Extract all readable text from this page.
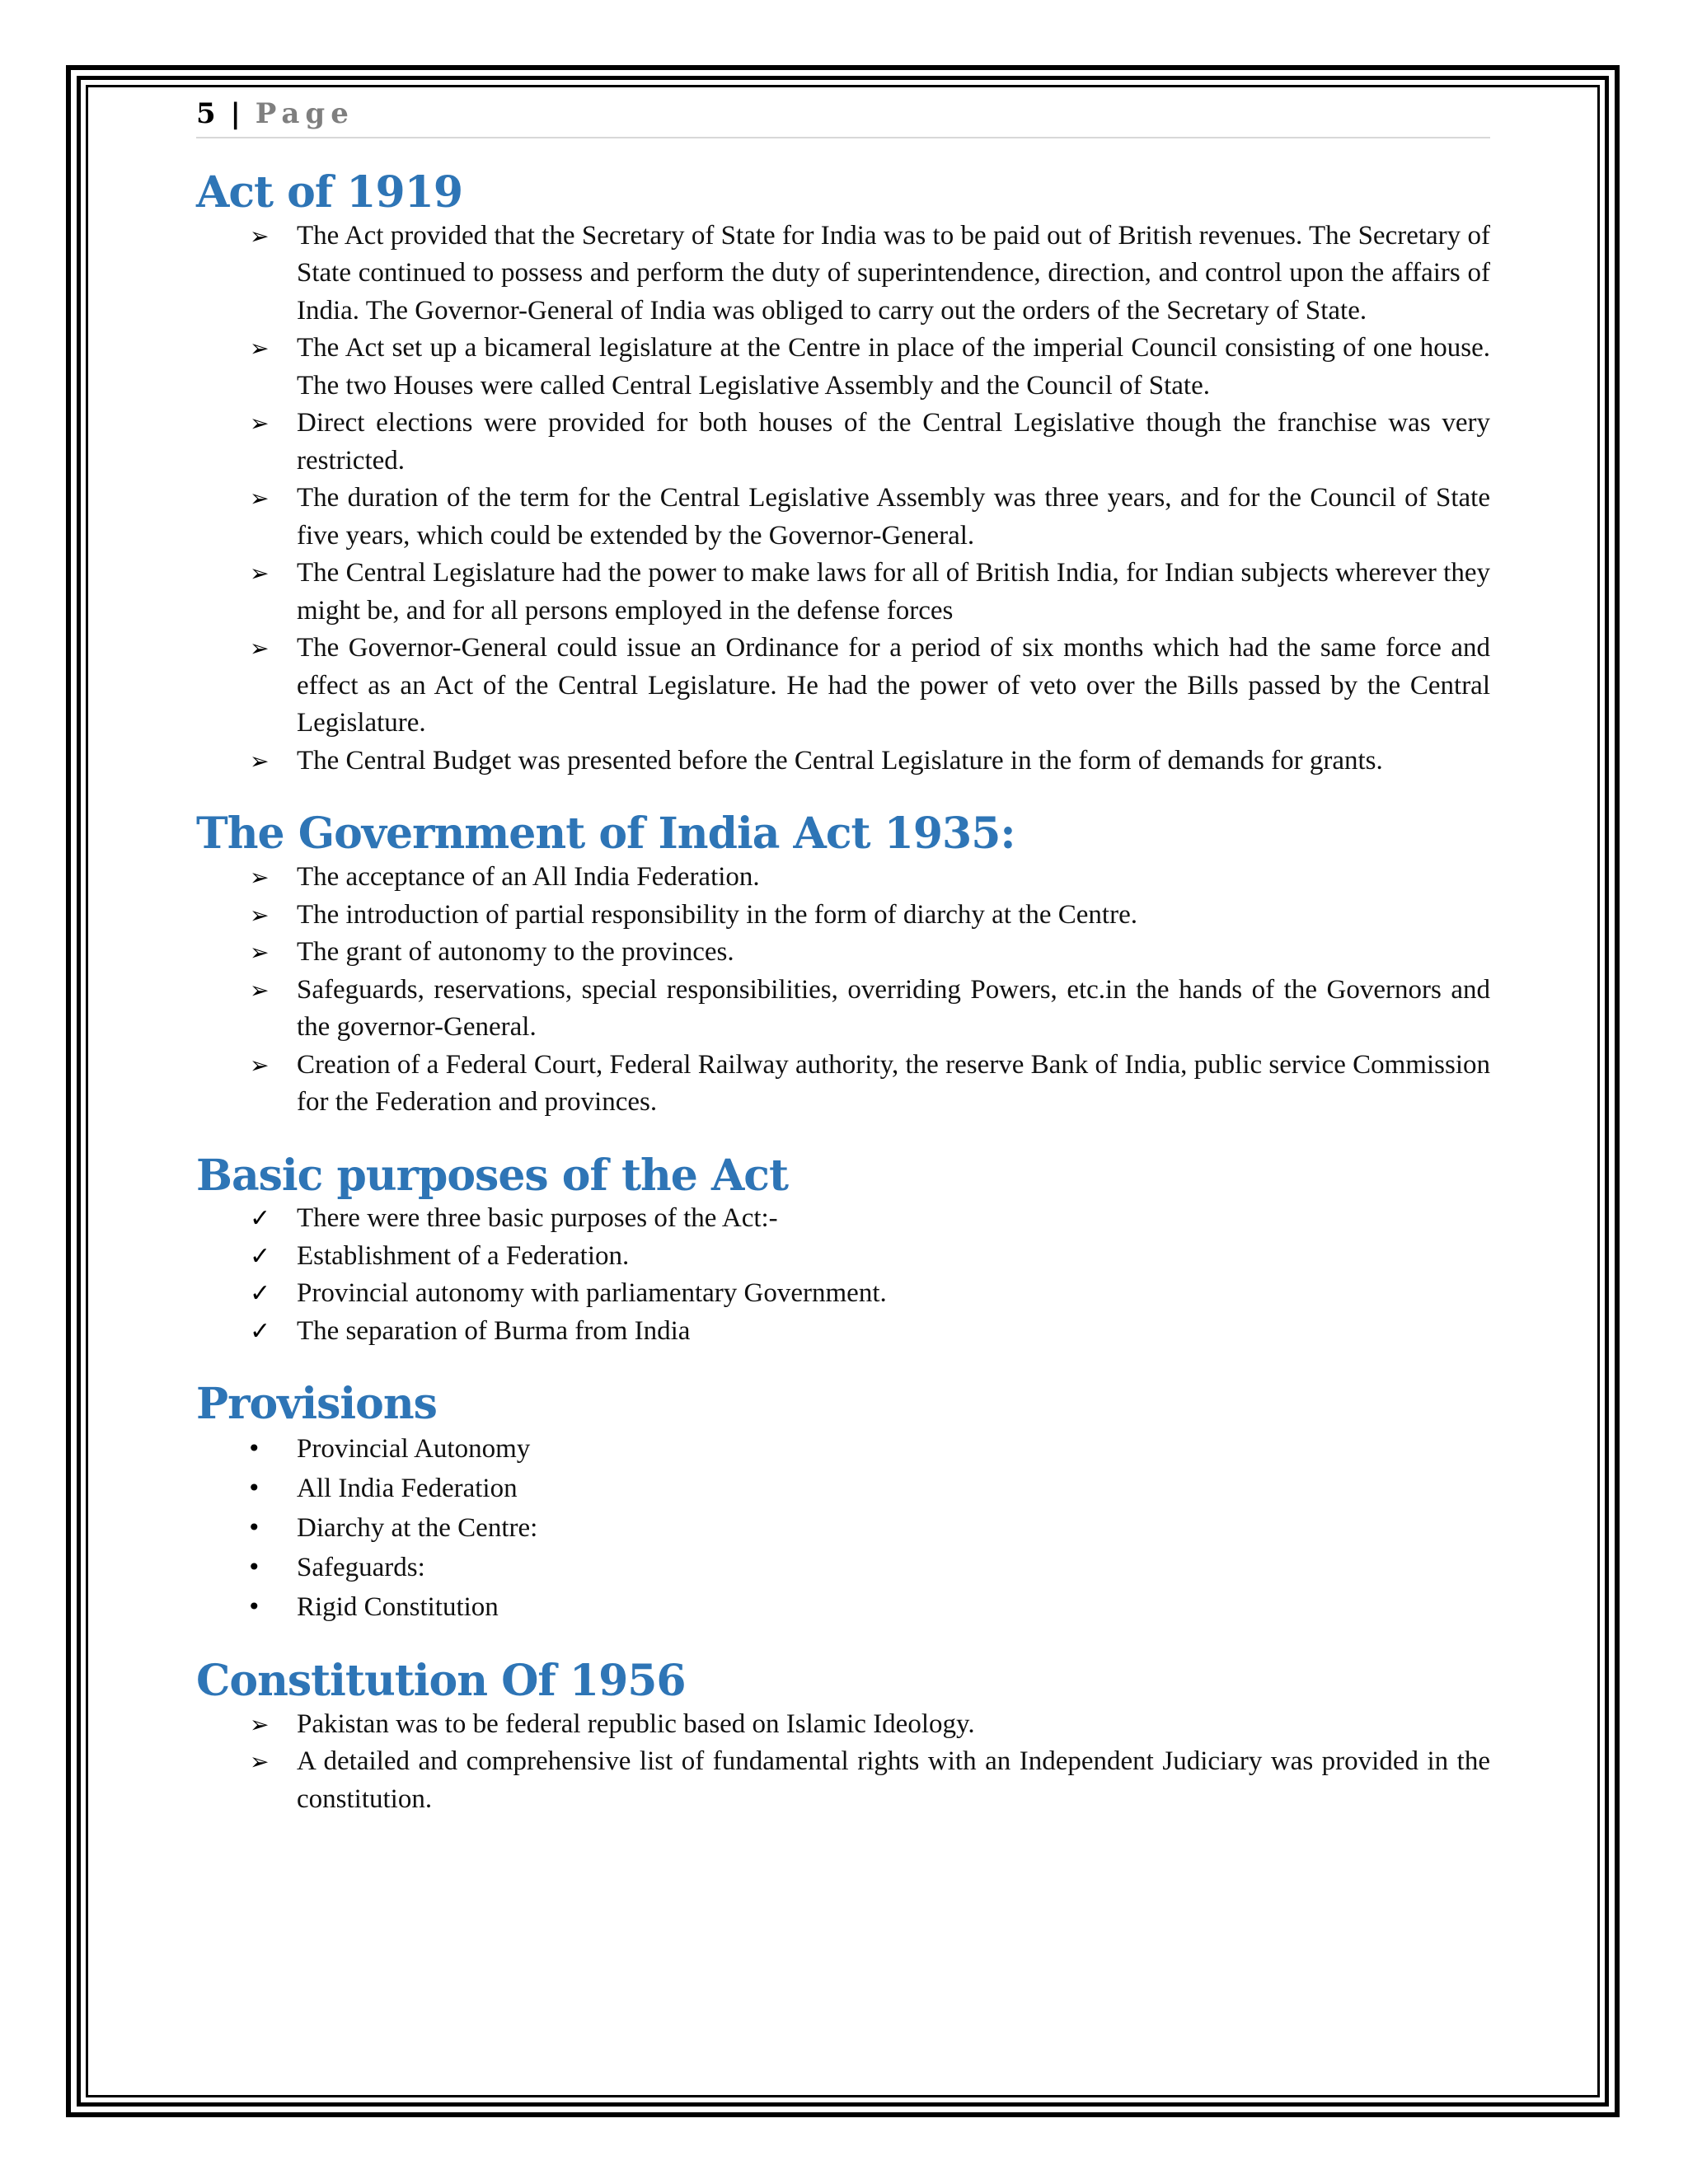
5 | Page
Act of 1919
➢ The Act provided that the Secretary of State for India was to be paid out of British revenues. The Secretary of State continued to possess and perform the duty of superintendence, direction, and control upon the affairs of India. The Governor-General of India was obliged to carry out the orders of the Secretary of State.
➢ The Act set up a bicameral legislature at the Centre in place of the imperial Council consisting of one house. The two Houses were called Central Legislative Assembly and the Council of State.
➢ Direct elections were provided for both houses of the Central Legislative though the franchise was very restricted.
➢ The duration of the term for the Central Legislative Assembly was three years, and for the Council of State five years, which could be extended by the Governor-General.
➢ The Central Legislature had the power to make laws for all of British India, for Indian subjects wherever they might be, and for all persons employed in the defense forces
➢ The Governor-General could issue an Ordinance for a period of six months which had the same force and effect as an Act of the Central Legislature. He had the power of veto over the Bills passed by the Central Legislature.
➢ The Central Budget was presented before the Central Legislature in the form of demands for grants.
The Government of India Act 1935:
➢ The acceptance of an All India Federation.
➢ The introduction of partial responsibility in the form of diarchy at the Centre.
➢ The grant of autonomy to the provinces.
➢ Safeguards, reservations, special responsibilities, overriding Powers, etc.in the hands of the Governors and the governor-General.
➢ Creation of a Federal Court, Federal Railway authority, the reserve Bank of India, public service Commission for the Federation and provinces.
Basic purposes of the Act
✓ There were three basic purposes of the Act:-
✓ Establishment of a Federation.
✓ Provincial autonomy with parliamentary Government.
✓ The separation of Burma from India
Provisions
• Provincial Autonomy
• All India Federation
• Diarchy at the Centre:
• Safeguards:
• Rigid Constitution
Constitution Of 1956
➢ Pakistan was to be federal republic based on Islamic Ideology.
➢ A detailed and comprehensive list of fundamental rights with an Independent Judiciary was provided in the constitution.
